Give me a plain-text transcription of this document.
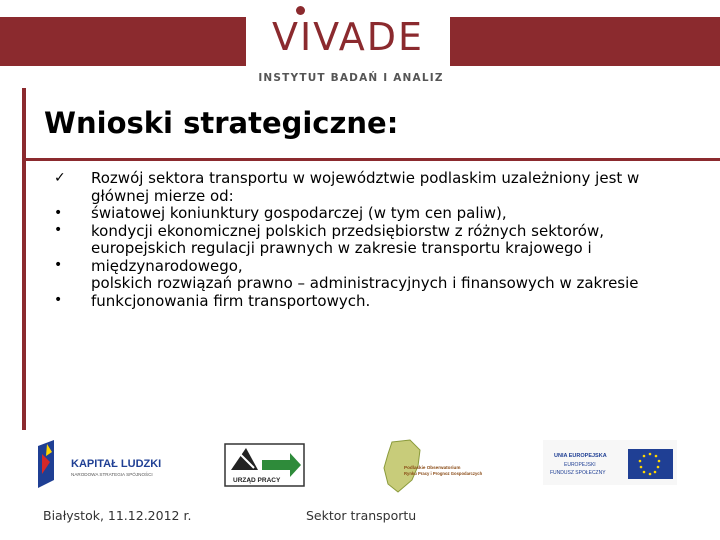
VIVADE
INSTYTUT BADAŃ I ANALIZ
Wnioski strategiczne:
✓
•
•
•
•

Rozwój sektora transportu w województwie podlaskim uzależniony jest w głównej mierze od:

światowej koniunktury gospodarczej (w tym cen paliw),

kondycji ekonomicznej polskich przedsiębiorstw z różnych sektorów,

europejskich regulacji prawnych w zakresie transportu krajowego i międzynarodowego,

polskich rozwiązań prawno – administracyjnych i finansowych w zakresie funkcjonowania firm transportowych.

KAPITAŁ LUDZKI
NARODOWA STRATEGIA SPÓJNOŚCI
URZĄD PRACY
Podlaskie Obserwatorium
Rynku Pracy i Prognoz Gospodarczych
UNIA EUROPEJSKA
EUROPEJSKI
FUNDUSZ SPOŁECZNY
Białystok, 11.12.2012 r.	Sektor transportu
